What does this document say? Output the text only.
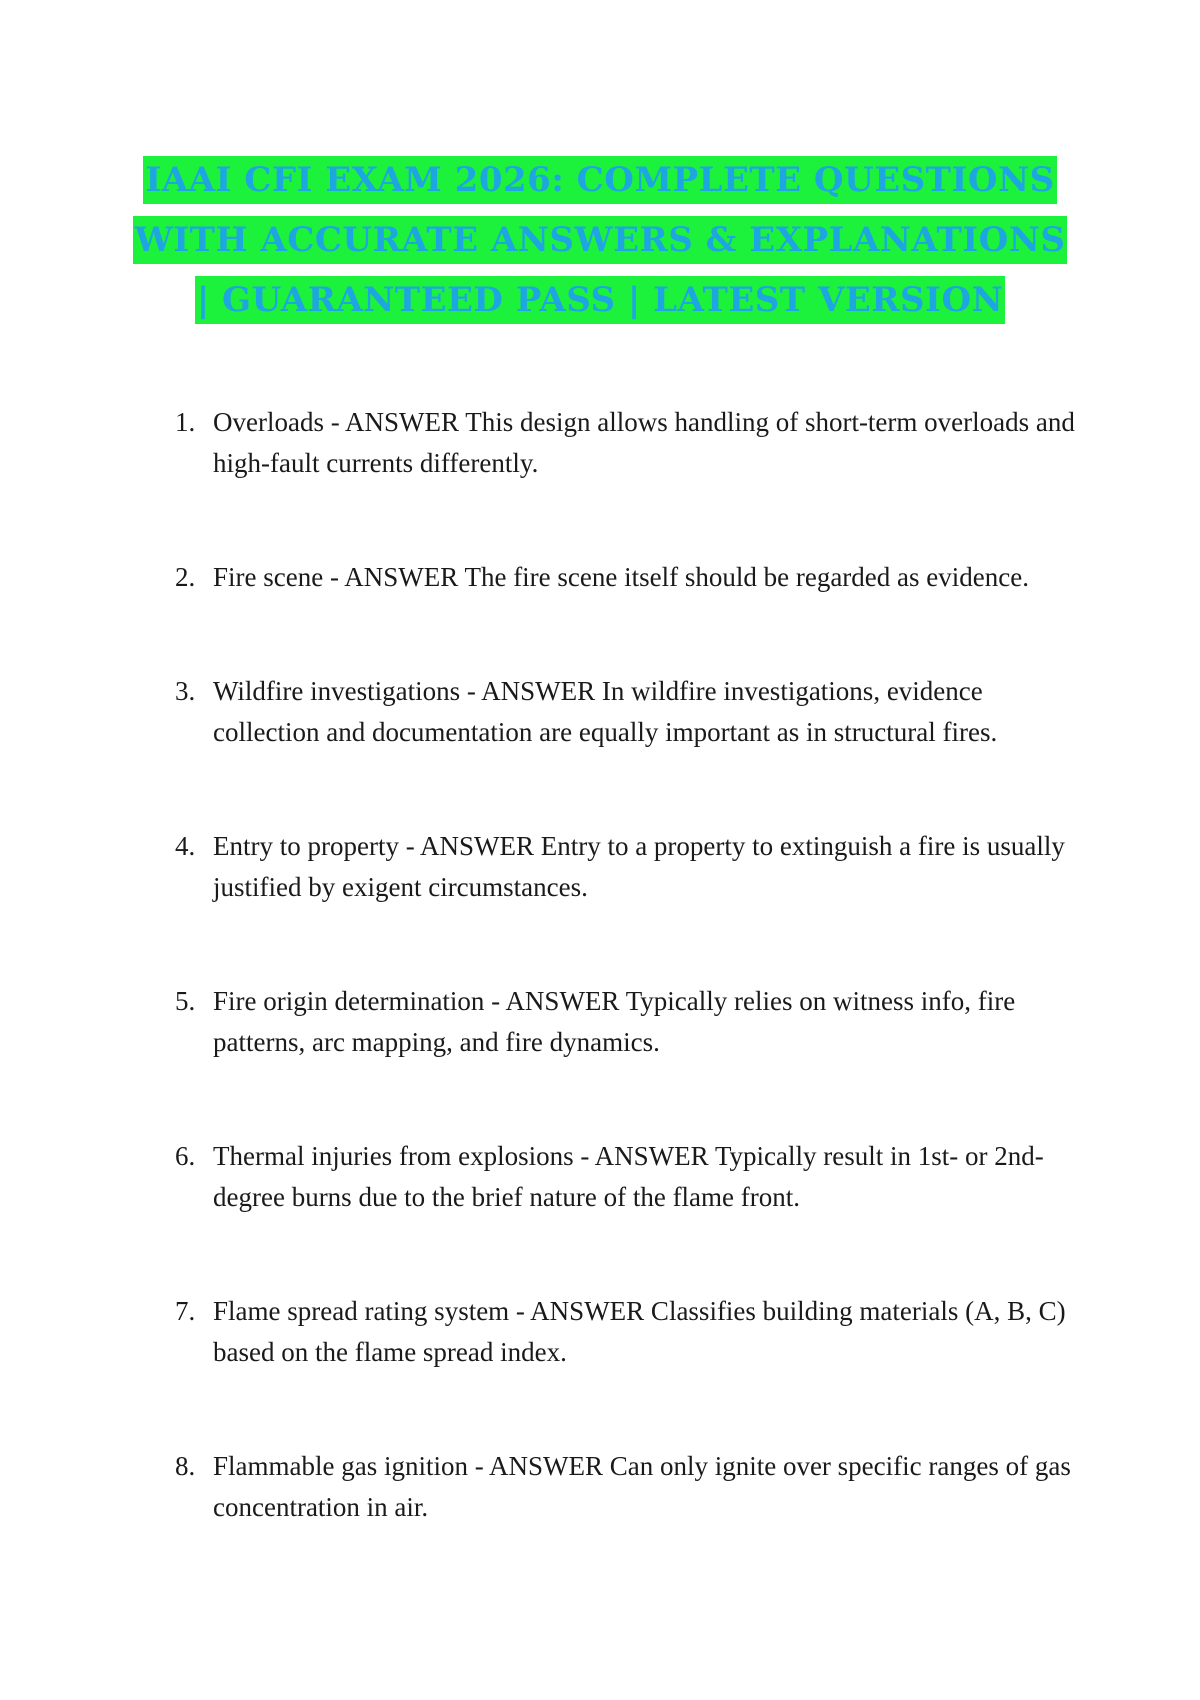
IAAI CFI EXAM 2026: COMPLETE QUESTIONS WITH ACCURATE ANSWERS & EXPLANATIONS | GUARANTEED PASS | LATEST VERSION
1. Overloads - ANSWER This design allows handling of short-term overloads and high-fault currents differently.
2. Fire scene - ANSWER The fire scene itself should be regarded as evidence.
3. Wildfire investigations - ANSWER In wildfire investigations, evidence collection and documentation are equally important as in structural fires.
4. Entry to property - ANSWER Entry to a property to extinguish a fire is usually justified by exigent circumstances.
5. Fire origin determination - ANSWER Typically relies on witness info, fire patterns, arc mapping, and fire dynamics.
6. Thermal injuries from explosions - ANSWER Typically result in 1st- or 2nd-degree burns due to the brief nature of the flame front.
7. Flame spread rating system - ANSWER Classifies building materials (A, B, C) based on the flame spread index.
8. Flammable gas ignition - ANSWER Can only ignite over specific ranges of gas concentration in air.
